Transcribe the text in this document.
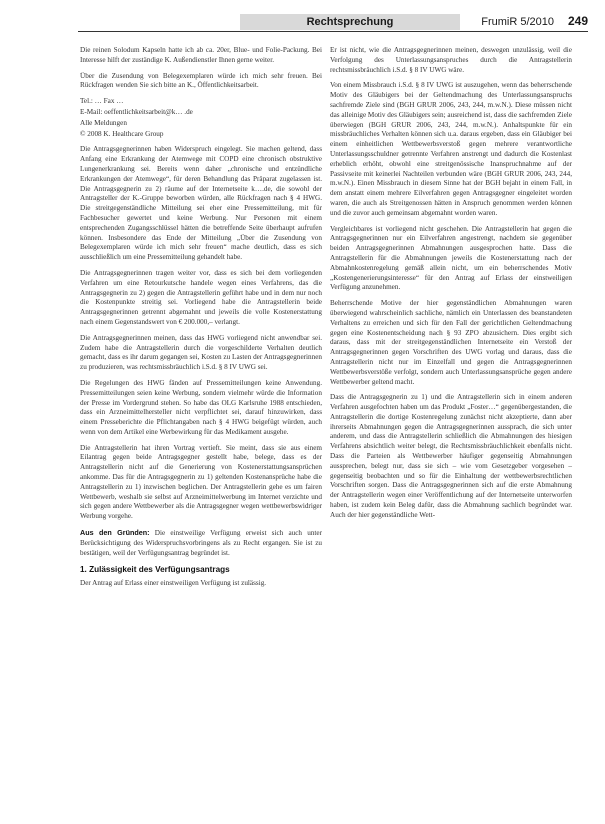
Rechtsprechung	FrumiR 5/2010 249

Die reinen Solodum Kapseln hatte ich ab ca. 20er, Blue- und Folie-Packung. Bei Interesse hilft der zuständige K. Außendienstler Ihnen gerne weiter.

Über die Zusendung von Belegexemplaren würde ich mich sehr freuen. Bei Rückfragen wenden Sie sich bitte an K., Öffentlichkeitsarbeit.

Tel.: … Fax …

E-Mail: oeffentlichkeitsarbeit@k… .de

Alle Meldungen

© 2008 K. Healthcare Group

Die Antragsgegnerinnen haben Widerspruch eingelegt. Sie machen geltend, dass Anfang eine Erkrankung der Atemwege mit COPD eine chronisch obstruktive Lungenerkrankung sei. Bereits wenn daher „chronische und entzündliche Erkrankungen der Atemwege“, für deren Behandlung das Präparat zugelassen ist. Die Antragsgegnerin zu 2) räume auf der Internetseite k….de, die sowohl der Antragsteller der K.-Gruppe beworben würden, alle Rückfragen nach § 4 HWG. Die streitgegenständliche Mitteilung sei eher eine Pressemitteilung, mit für Fachbesucher gewertet und keine Werbung. Nur Personen mit einem entsprechenden Zugangsschlüssel hätten die betreffende Seite überhaupt aufrufen können. Insbesondere das Ende der Mitteilung „Über die Zusendung von Belegexemplaren würde ich mich sehr freuen“ mache deutlich, dass es sich ausschließlich um eine Pressemitteilung gehandelt habe.

Die Antragsgegnerinnen tragen weiter vor, dass es sich bei dem vorliegenden Verfahren um eine Retourkutsche handele wegen eines Verfahrens, das die Antragsgegnerin zu 2) gegen die Antragstellerin geführt habe und in dem nur noch die Kostenpunkte streitig sei. Vorliegend habe die Antragstellerin beide Antragsgegnerinnen getrennt abgemahnt und jeweils die volle Kostenerstattung nach einem Gegenstandswert von € 200.000,– verlangt.

Die Antragsgegnerinnen meinen, dass das HWG vorliegend nicht anwendbar sei. Zudem habe die Antragstellerin durch die vorgeschilderte Verhalten deutlich gemacht, dass es ihr darum gegangen sei, Kosten zu Lasten der Antragsgegnerinnen zu produzieren, was rechtsmissbräuchlich i.S.d. § 8 IV UWG sei.

Die Regelungen des HWG fänden auf Pressemitteilungen keine Anwendung. Pressemitteilungen seien keine Werbung, sondern vielmehr würde die Information der Presse im Vordergrund stehen. So habe das OLG Karlsruhe 1988 entschieden, dass ein Arzneimittelhersteller nicht verpflichtet sei, darauf hinzuwirken, dass einem Presseberichte die Pflichtangaben nach § 4 HWG beigefügt würden, auch wenn von dem Artikel eine Werbewirkung für das Medikament ausgehe.

Die Antragstellerin hat ihren Vortrag vertieft. Sie meint, dass sie aus einem Eilantrag gegen beide Antragsgegner gestellt habe, belege, dass es der Antragstellerin nicht auf die Generierung von Kostenerstattungsansprüchen ankomme. Das für die Antragsgegnerin zu 1) geltenden Kostenansprüche habe die Antragstellerin zu 1) inzwischen beglichen. Der Antragstellerin gehe es um fairen Wettbewerb, weshalb sie selbst auf Arzneimittelwerbung im Internet verzichte und sich gegen andere Wettbewerber als die Antragsgegner wegen wettbewerbswidriger Werbung vorgehe.

Aus den Gründen: Die einstweilige Verfügung erweist sich auch unter Berücksichtigung des Widerspruchsvorbringens als zu Recht ergangen. Sie ist zu bestätigen, weil der Verfügungsantrag begründet ist.

1. Zulässigkeit des Verfügungsantrags

Der Antrag auf Erlass einer einstweiligen Verfügung ist zulässig.

Er ist nicht, wie die Antragsgegnerinnen meinen, deswegen unzulässig, weil die Verfolgung des Unterlassungsanspruches durch die Antragstellerin rechtsmissbräuchlich i.S.d. § 8 IV UWG wäre.

Von einem Missbrauch i.S.d. § 8 IV UWG ist auszugehen, wenn das beherrschende Motiv des Gläubigers bei der Geltendmachung des Unterlassungsanspruchs sachfremde Ziele sind (BGH GRUR 2006, 243, 244, m.w.N.). Diese müssen nicht das alleinige Motiv des Gläubigers sein; ausreichend ist, dass die sachfremden Ziele überwiegen (BGH GRUR 2006, 243, 244, m.w.N.). Anhaltspunkte für ein missbräuchliches Verhalten können sich u.a. daraus ergeben, dass ein Gläubiger bei einem einheitlichen Wettbewerbsverstoß gegen mehrere verantwortliche Unterlassungsschuldner getrennte Verfahren anstrengt und dadurch die Kostenlast erheblich erhöht, obwohl eine streitgenössische Inanspruchnahme auf der Passivseite mit keinerlei Nachteilen verbunden wäre (BGH GRUR 2006, 243, 244, m.w.N.). Einen Missbrauch in diesem Sinne hat der BGH bejaht in einem Fall, in dem anstatt einem mehrere Eilverfahren gegen Antragsgegner eingeleitet worden waren, die auch als Streitgenossen hätten in Anspruch genommen werden können und die zuvor auch gemeinsam abgemahnt worden waren.

Vergleichbares ist vorliegend nicht geschehen. Die Antragstellerin hat gegen die Antragsgegnerinnen nur ein Eilverfahren angestrengt, nachdem sie gegenüber beiden Antragsgegnerinnen Abmahnungen ausgesprochen hatte. Dass die Antragstellerin für die Abmahnungen jeweils die Kostenerstattung nach der Abmahnkostenregelung gemäß allein nicht, um ein beherrschendes Motiv „Kostengenerierungsinteresse“ für den Antrag auf Erlass der einstweiligen Verfügung anzunehmen.

Beherrschende Motive der hier gegenständlichen Abmahnungen waren überwiegend wahrscheinlich sachliche, nämlich ein Unterlassen des beanstandeten Verhaltens zu erreichen und sich für den Fall der gerichtlichen Geltendmachung gegen eine Kostenentscheidung nach § 93 ZPO abzusichern. Dies ergibt sich daraus, dass mit der streitgegenständlichen Internetseite ein Verstoß der Antragsgegnerinnen gegen Vorschriften des UWG vorlag und daraus, dass die Antragstellerin nicht nur im Einzelfall und gegen die Antragsgegnerinnen Wettbewerbsverstöße verfolgt, sondern auch Unterlassungsansprüche gegen andere Wettbewerber geltend macht.

Dass die Antragsgegnerin zu 1) und die Antragstellerin sich in einem anderen Verfahren ausgefochten haben um das Produkt „Foster…“ gegenübergestanden, die Antragstellerin die dortige Kostenregelung zunächst nicht akzeptierte, dann aber ihrerseits Abmahnungen gegen die Antragsgegnerinnen aussprach, die sich unter anderem, und dass die Antragstellerin schließlich die Abmahnungen des hiesigen Verfahrens absichtlich weiter belegt, die Rechtsmissbräuchlichkeit ebenfalls nicht. Dass die Parteien als Wettbewerber häufiger gegenseitig Abmahnungen aussprechen, belegt nur, dass sie sich – wie vom Gesetzgeber vorgesehen – gegenseitig beobachten und so für die Einhaltung der wettbewerbsrechtlichen Vorschriften sorgen. Dass die Antragsgegnerinnen sich auf die erste Abmahnung der Antragstellerin wegen einer Veröffentlichung auf der Internetseite unterworfen haben, ist zudem kein Beleg dafür, dass die Abmahnung sachlich begründet war. Auch der hier gegenständliche Wett-
